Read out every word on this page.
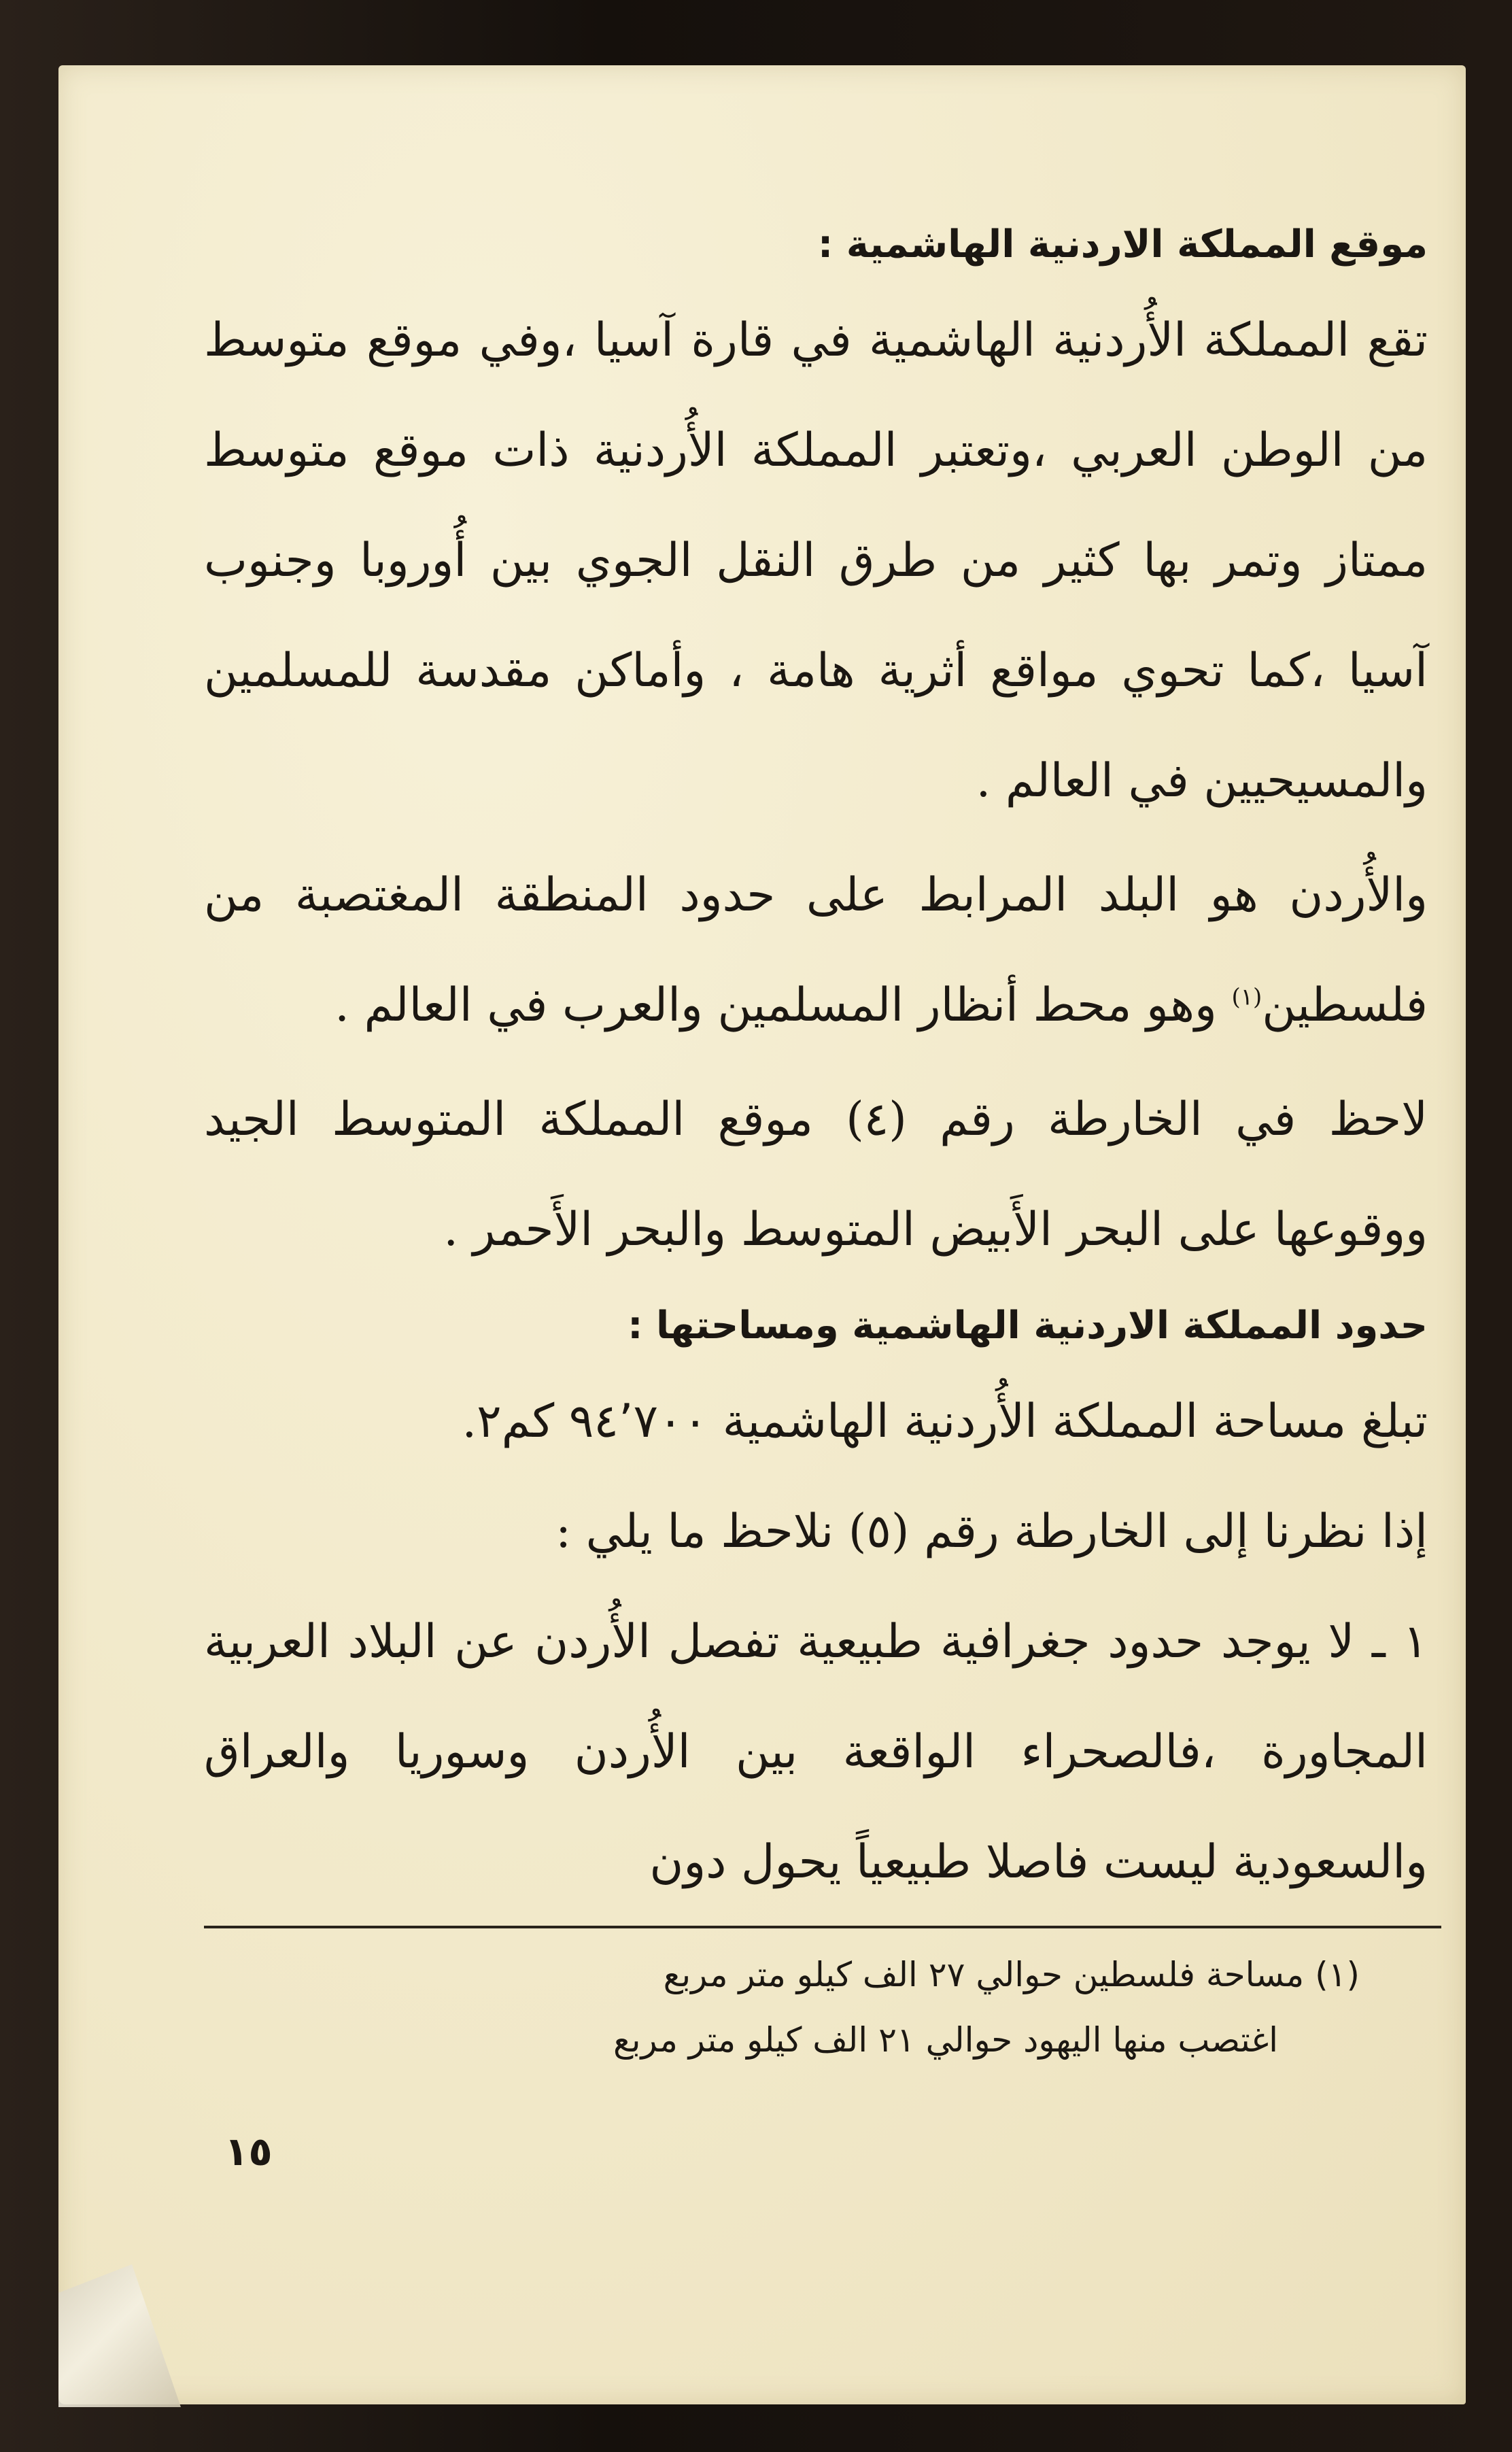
موقع المملكة الاردنية الهاشمية :

تقع المملكة الأُردنية الهاشمية في قارة آسيا ،وفي موقع متوسط من الوطن العربي ،وتعتبر المملكة الأُردنية ذات موقع متوسط ممتاز وتمر بها كثير من طرق النقل الجوي بين أُوروبا وجنوب آسيا ،كما تحوي مواقع أثرية هامة ، وأماكن مقدسة للمسلمين والمسيحيين في العالم .

والأُردن هو البلد المرابط على حدود المنطقة المغتصبة من فلسطين$^{(١)}$ وهو محط أنظار المسلمين والعرب في العالم .

لاحظ في الخارطة رقم (٤) موقع المملكة المتوسط الجيد ووقوعها على البحر الأَبيض المتوسط والبحر الأَحمر .

حدود المملكة الاردنية الهاشمية ومساحتها :

تبلغ مساحة المملكة الأُردنية الهاشمية ٩٤٬٧٠٠ كم٢.

إذا نظرنا إلى الخارطة رقم (٥) نلاحظ ما يلي :

١ ـ لا يوجد حدود جغرافية طبيعية تفصل الأُردن عن البلاد العربية المجاورة ،فالصحراء الواقعة بين الأُردن وسوريا والعراق والسعودية ليست فاصلا طبيعياً يحول دون

(١) مساحة فلسطين حوالي ٢٧ الف كيلو متر مربع

اغتصب منها اليهود حوالي ٢١ الف كيلو متر مربع

١٥
